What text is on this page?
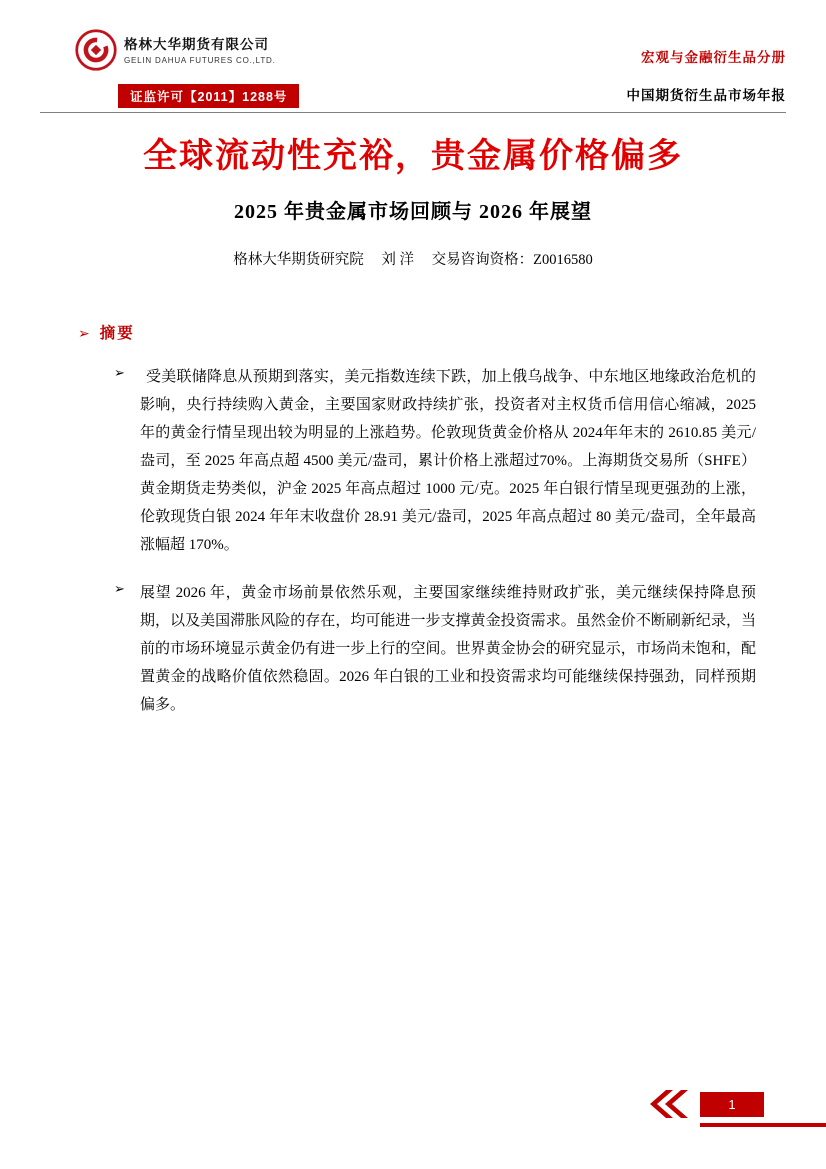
格林大华期货有限公司
GELIN DAHUA FUTURES CO.,LTD.
证监许可【2011】1288号
宏观与金融衍生品分册
中国期货衍生品市场年报
全球流动性充裕，贵金属价格偏多
2025 年贵金属市场回顾与 2026 年展望
格林大华期货研究院 刘 洋 交易咨询资格：Z0016580
➢ 摘要
➢	受美联储降息从预期到落实，美元指数连续下跌，加上俄乌战争、中东地区地缘政治危机的影响，央行持续购入黄金，主要国家财政持续扩张，投资者对主权货币信用信心缩减，2025 年的黄金行情呈现出较为明显的上涨趋势。伦敦现货黄金价格从 2024年年末的 2610.85 美元/盎司，至 2025 年高点超 4500 美元/盎司，累计价格上涨超过70%。上海期货交易所（SHFE）黄金期货走势类似，沪金 2025 年高点超过 1000 元/克。2025 年白银行情呈现更强劲的上涨，伦敦现货白银 2024 年年末收盘价 28.91 美元/盎司，2025 年高点超过 80 美元/盎司，全年最高涨幅超 170%。

➢	展望 2026 年，黄金市场前景依然乐观，主要国家继续维持财政扩张，美元继续保持降息预期，以及美国滞胀风险的存在，均可能进一步支撑黄金投资需求。虽然金价不断刷新纪录，当前的市场环境显示黄金仍有进一步上行的空间。世界黄金协会的研究显示，市场尚未饱和，配置黄金的战略价值依然稳固。2026 年白银的工业和投资需求均可能继续保持强劲，同样预期偏多。

1
